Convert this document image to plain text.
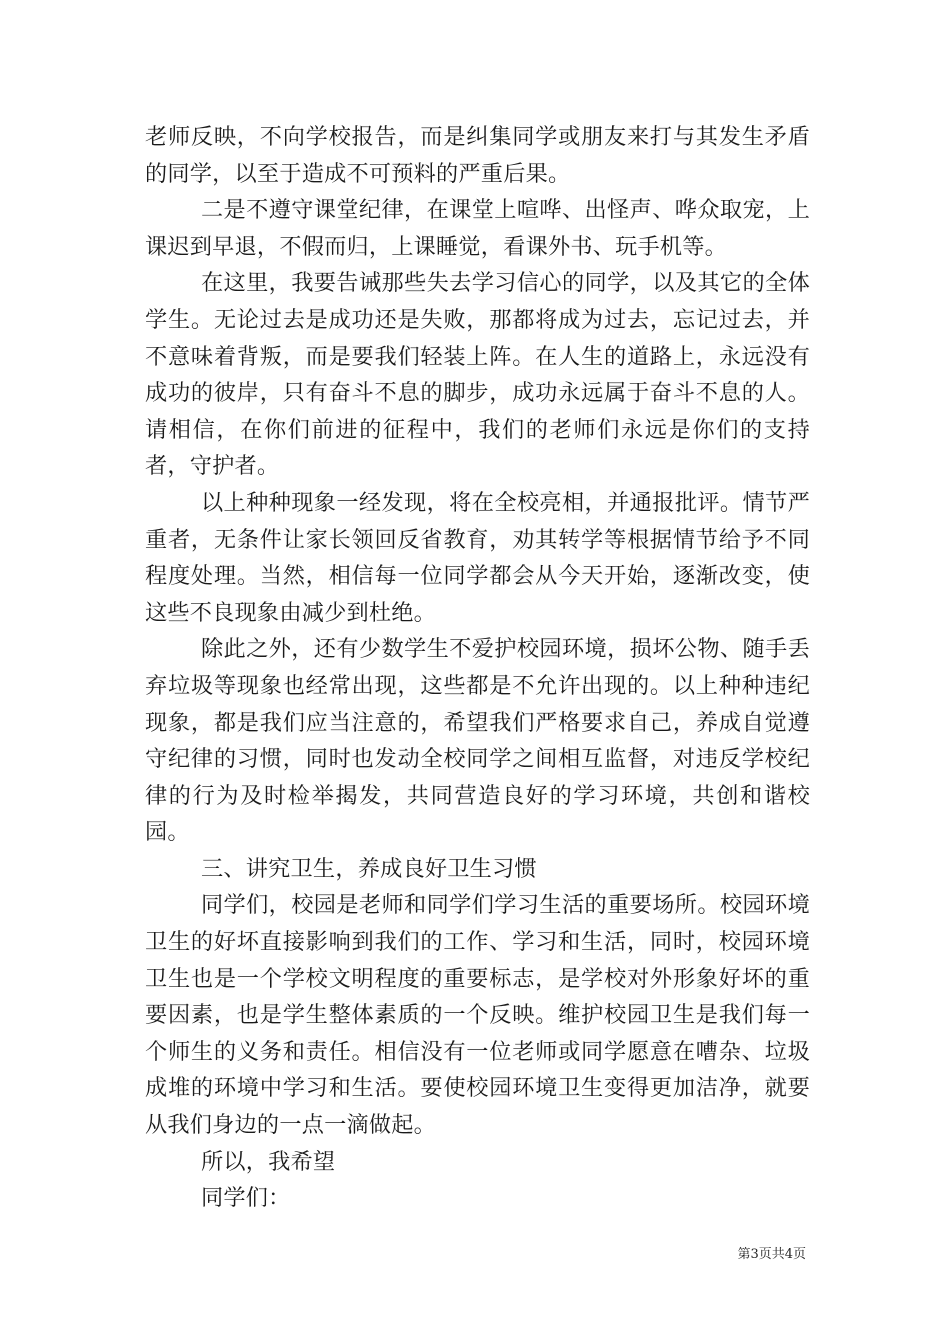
老师反映，不向学校报告，而是纠集同学或朋友来打与其发生矛盾的同学，以至于造成不可预料的严重后果。

二是不遵守课堂纪律，在课堂上喧哗、出怪声、哗众取宠，上课迟到早退，不假而归，上课睡觉，看课外书、玩手机等。

在这里，我要告诫那些失去学习信心的同学，以及其它的全体学生。无论过去是成功还是失败，那都将成为过去，忘记过去，并不意味着背叛，而是要我们轻装上阵。在人生的道路上，永远没有成功的彼岸，只有奋斗不息的脚步，成功永远属于奋斗不息的人。请相信，在你们前进的征程中，我们的老师们永远是你们的支持者，守护者。

以上种种现象一经发现，将在全校亮相，并通报批评。情节严重者，无条件让家长领回反省教育，劝其转学等根据情节给予不同程度处理。当然，相信每一位同学都会从今天开始，逐渐改变，使这些不良现象由减少到杜绝。

除此之外，还有少数学生不爱护校园环境，损坏公物、随手丢弃垃圾等现象也经常出现，这些都是不允许出现的。以上种种违纪现象，都是我们应当注意的，希望我们严格要求自己，养成自觉遵守纪律的习惯，同时也发动全校同学之间相互监督，对违反学校纪律的行为及时检举揭发，共同营造良好的学习环境，共创和谐校园。

三、讲究卫生，养成良好卫生习惯

同学们，校园是老师和同学们学习生活的重要场所。校园环境卫生的好坏直接影响到我们的工作、学习和生活，同时，校园环境卫生也是一个学校文明程度的重要标志，是学校对外形象好坏的重要因素，也是学生整体素质的一个反映。维护校园卫生是我们每一个师生的义务和责任。相信没有一位老师或同学愿意在嘈杂、垃圾成堆的环境中学习和生活。要使校园环境卫生变得更加洁净，就要从我们身边的一点一滴做起。

所以，我希望

同学们：

第3页共4页
